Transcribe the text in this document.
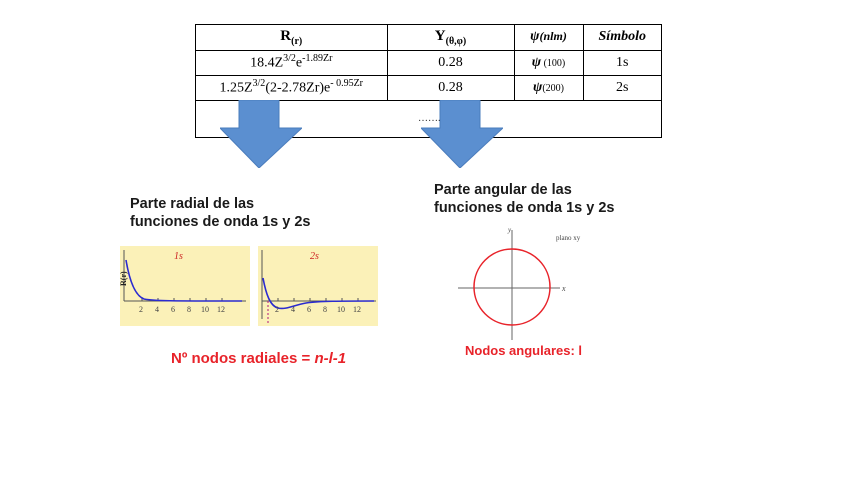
$R_{(r)}$	$Y_{(\theta,\varphi)}$	ψ(nlm)	Símbolo
$18.4Z^{3/2}e^{-1.89Zr}$	0.28	ψ (100)	1s
$1.25Z^{3/2}(2-2.78Zr)e^{- 0.95Zr}$	0.28	ψ(200)	2s
…….
Parte radial de las
funciones de onda 1s y 2s
1s
R(r)
2 4 6 8 10 12
2s
2 4 6 8 10 12
Nº nodos radiales = n-l-1
Parte angular de las
funciones de onda 1s y 2s
y
x
plano xy
Nodos angulares: l
